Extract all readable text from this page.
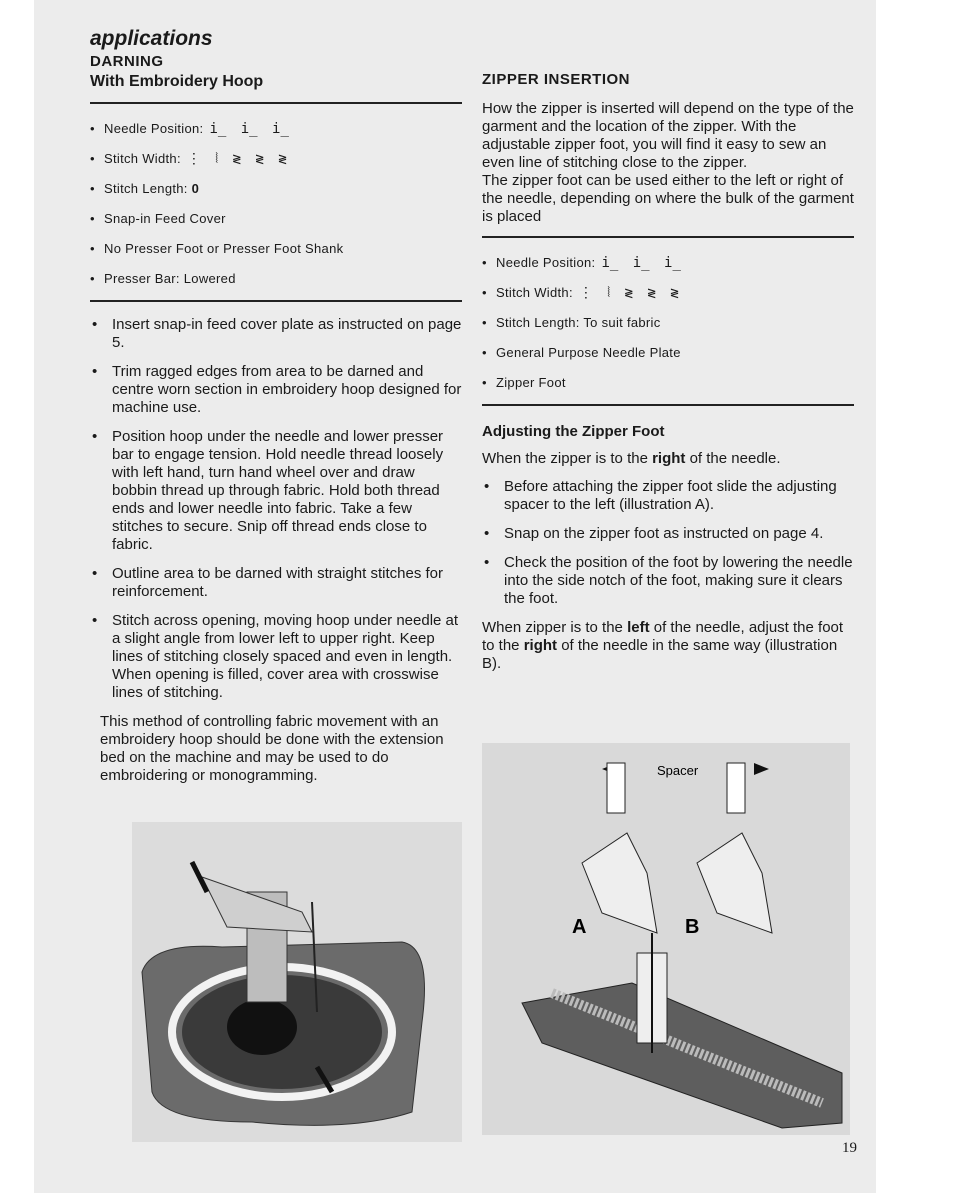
applications
DARNING
With Embroidery Hoop
• Needle Position: i̲ i̲ i̲
• Stitch Width: ⋮ ⦚ ≷ ≷ ≷
• Stitch Length: 0
• Snap-in Feed Cover
• No Presser Foot or Presser Foot Shank
• Presser Bar: Lowered
• Insert snap-in feed cover plate as instructed on page 5.
• Trim ragged edges from area to be darned and centre worn section in embroidery hoop designed for machine use.
• Position hoop under the needle and lower presser bar to engage tension. Hold needle thread loosely with left hand, turn hand wheel over and draw bobbin thread up through fabric. Hold both thread ends and lower needle into fabric. Take a few stitches to secure. Snip off thread ends close to fabric.
• Outline area to be darned with straight stitches for reinforcement.
• Stitch across opening, moving hoop under needle at a slight angle from lower left to upper right. Keep lines of stitching closely spaced and even in length. When opening is filled, cover area with crosswise lines of stitching.

This method of controlling fabric movement with an embroidery hoop should be done with the extension bed on the machine and may be used to do embroidering or monogramming.

ZIPPER INSERTION

How the zipper is inserted will depend on the type of the garment and the location of the zipper. With the adjustable zipper foot, you will find it easy to sew an even line of stitching close to the zipper.

The zipper foot can be used either to the left or right of the needle, depending on where the bulk of the garment is placed

• Needle Position: i̲ i̲ i̲
• Stitch Width: ⋮ ⦚ ≷ ≷ ≷
• Stitch Length: To suit fabric
• General Purpose Needle Plate
• Zipper Foot
Adjusting the Zipper Foot

When the zipper is to the right of the needle.

• Before attaching the zipper foot slide the adjusting spacer to the left (illustration A).
• Snap on the zipper foot as instructed on page 4.
• Check the position of the foot by lowering the needle into the side notch of the foot, making sure it clears the foot.

When zipper is to the left of the needle, adjust the foot to the right of the needle in the same way (illustration B).

Spacer
A	B
19
